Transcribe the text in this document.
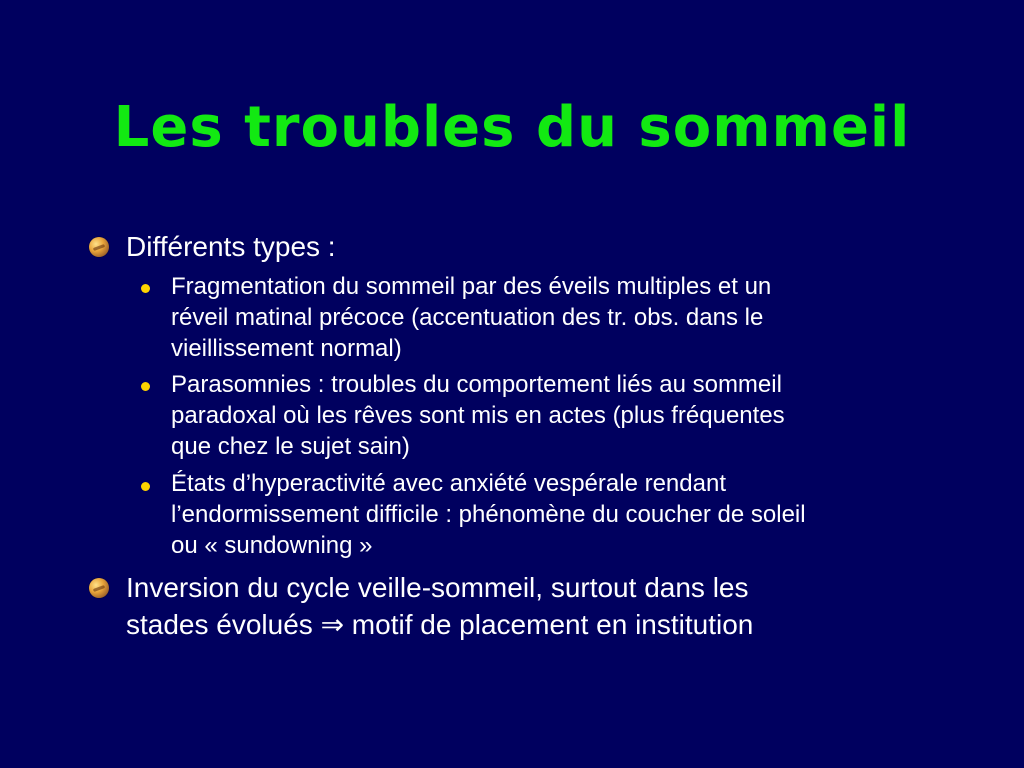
Les troubles du sommeil
Différents types :
Fragmentation du sommeil par des éveils multiples et un
réveil matinal précoce (accentuation des tr. obs. dans le
vieillissement normal)
Parasomnies : troubles du comportement liés au sommeil
paradoxal où les rêves sont mis en actes (plus fréquentes
que chez le sujet sain)
États d’hyperactivité avec anxiété vespérale rendant
l’endormissement difficile : phénomène du coucher de soleil
ou « sundowning »
Inversion du cycle veille-sommeil, surtout dans les
stades évolués ⇒ motif de placement en institution
